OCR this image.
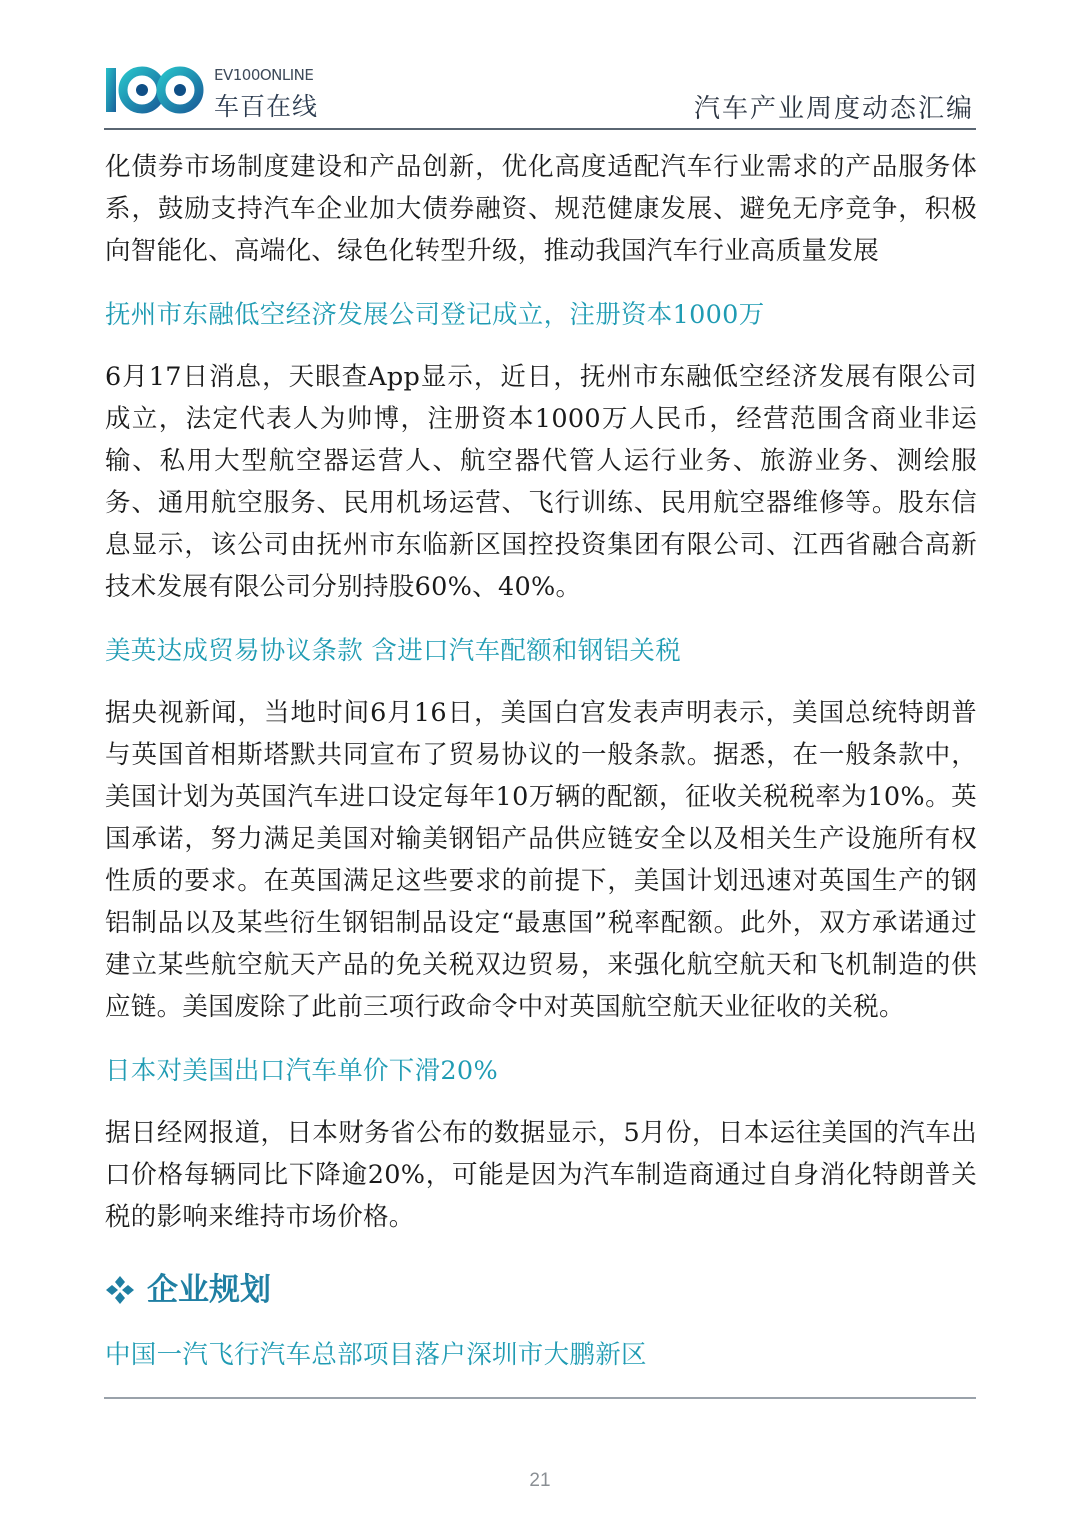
EV100ONLINE
车百在线	汽车产业周度动态汇编

化债券市场制度建设和产品创新，优化高度适配汽车行业需求的产品服务体系，鼓励支持汽车企业加大债券融资、规范健康发展、避免无序竞争，积极向智能化、高端化、绿色化转型升级，推动我国汽车行业高质量发展

抚州市东融低空经济发展公司登记成立，注册资本1000万

6月17日消息，天眼查App显示，近日，抚州市东融低空经济发展有限公司成立，法定代表人为帅博，注册资本1000万人民币，经营范围含商业非运输、私用大型航空器运营人、航空器代管人运行业务、旅游业务、测绘服务、通用航空服务、民用机场运营、飞行训练、民用航空器维修等。股东信息显示，该公司由抚州市东临新区国控投资集团有限公司、江西省融合高新技术发展有限公司分别持股60%、40%。

美英达成贸易协议条款 含进口汽车配额和钢铝关税

据央视新闻，当地时间6月16日，美国白宫发表声明表示，美国总统特朗普与英国首相斯塔默共同宣布了贸易协议的一般条款。据悉，在一般条款中，美国计划为英国汽车进口设定每年10万辆的配额，征收关税税率为10%。英国承诺，努力满足美国对输美钢铝产品供应链安全以及相关生产设施所有权性质的要求。在英国满足这些要求的前提下，美国计划迅速对英国生产的钢铝制品以及某些衍生钢铝制品设定“最惠国”税率配额。此外，双方承诺通过建立某些航空航天产品的免关税双边贸易，来强化航空航天和飞机制造的供应链。美国废除了此前三项行政命令中对英国航空航天业征收的关税。

日本对美国出口汽车单价下滑20%

据日经网报道，日本财务省公布的数据显示，5月份，日本运往美国的汽车出口价格每辆同比下降逾20%，可能是因为汽车制造商通过自身消化特朗普关税的影响来维持市场价格。

企业规划

中国一汽飞行汽车总部项目落户深圳市大鹏新区

21
